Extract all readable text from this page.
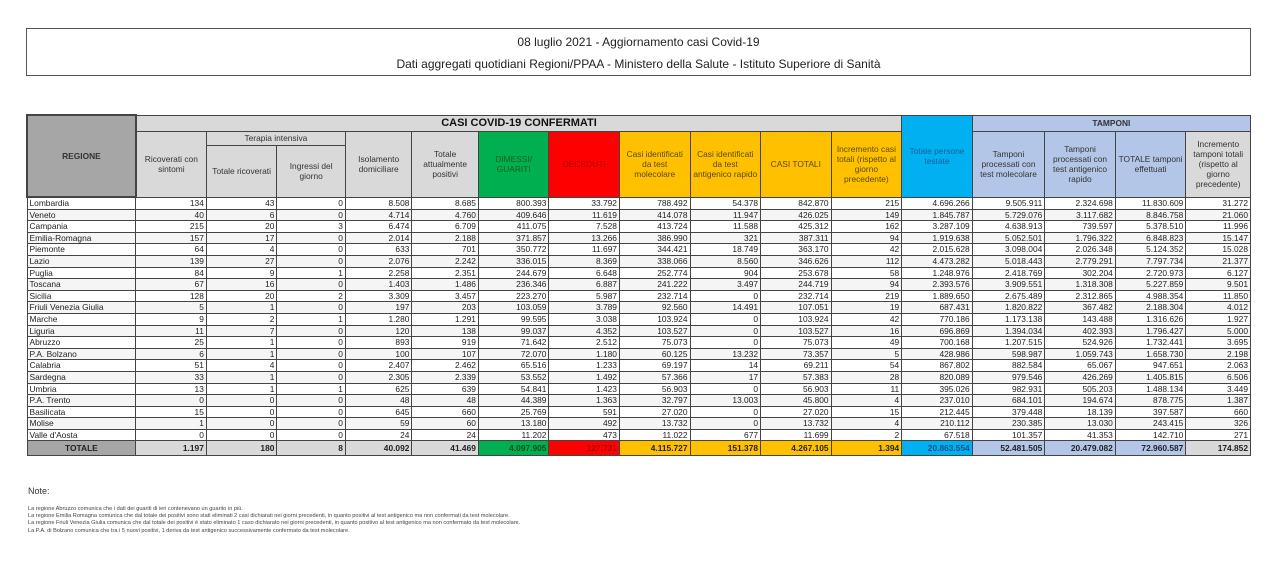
08 luglio 2021 - Aggiornamento casi Covid-19
Dati aggregati quotidiani Regioni/PPAA - Ministero della Salute - Istituto Superiore di Sanità
REGIONE	CASI COVID-19 CONFERMATI											Totale persone testate	TAMPONI			
	Ricoverati con sintomi	Terapia intensiva		Isolamento domiciliare	Totale attualmente positivi	DIMESSI/ GUARITI	DECEDUTI	Casi identificati da test molecolare	Casi identificati da test antigenico rapido	CASI TOTALI	Incremento casi totali (rispetto al giorno precedente)		Tamponi processati con test molecolare	Tamponi processati con test antigenico rapido	TOTALE tamponi effettuati	Incremento tamponi totali (rispetto al giorno precedente)
		Totale ricoverati	Ingressi del giorno													
Lombardia	134	43	0	8.508	8.685	800.393	33.792	788.492	54.378	842.870	215	4.696.266	9.505.911	2.324.698	11.830.609	31.272
Veneto	40	6	0	4.714	4.760	409.646	11.619	414.078	11.947	426.025	149	1.845.787	5.729.076	3.117.682	8.846.758	21.060
Campania	215	20	3	6.474	6.709	411.075	7.528	413.724	11.588	425.312	162	3.287.109	4.638.913	739.597	5.378.510	11.996
Emilia-Romagna	157	17	0	2.014	2.188	371.857	13.266	386.990	321	387.311	94	1.919.638	5.052.501	1.796.322	6.848.823	15.147
Piemonte	64	4	0	633	701	350.772	11.697	344.421	18.749	363.170	42	2.015.628	3.098.004	2.026.348	5.124.352	15.028
Lazio	139	27	0	2.076	2.242	336.015	8.369	338.066	8.560	346.626	112	4.473.282	5.018.443	2.779.291	7.797.734	21.377
Puglia	84	9	1	2.258	2.351	244.679	6.648	252.774	904	253.678	58	1.248.976	2.418.769	302.204	2.720.973	6.127
Toscana	67	16	0	1.403	1.486	236.346	6.887	241.222	3.497	244.719	94	2.393.576	3.909.551	1.318.308	5.227.859	9.501
Sicilia	128	20	2	3.309	3.457	223.270	5.987	232.714	0	232.714	219	1.889.650	2.675.489	2.312.865	4.988.354	11.850
Friuli Venezia Giulia	5	1	0	197	203	103.059	3.789	92.560	14.491	107.051	19	687.431	1.820.822	367.482	2.188.304	4.012
Marche	9	2	1	1.280	1.291	99.595	3.038	103.924	0	103.924	42	770.186	1.173.138	143.488	1.316.626	1.927
Liguria	11	7	0	120	138	99.037	4.352	103.527	0	103.527	16	696.869	1.394.034	402.393	1.796.427	5.000
Abruzzo	25	1	0	893	919	71.642	2.512	75.073	0	75.073	49	700.168	1.207.515	524.926	1.732.441	3.695
P.A. Bolzano	6	1	0	100	107	72.070	1.180	60.125	13.232	73.357	5	428.986	598.987	1.059.743	1.658.730	2.198
Calabria	51	4	0	2.407	2.462	65.516	1.233	69.197	14	69.211	54	867.802	882.584	65.067	947.651	2.063
Sardegna	33	1	0	2.305	2.339	53.552	1.492	57.366	17	57.383	28	820.089	979.546	426.269	1.405.815	6.506
Umbria	13	1	1	625	639	54.841	1.423	56.903	0	56.903	11	395.026	982.931	505.203	1.488.134	3.449
P.A. Trento	0	0	0	48	48	44.389	1.363	32.797	13.003	45.800	4	237.010	684.101	194.674	878.775	1.387
Basilicata	15	0	0	645	660	25.769	591	27.020	0	27.020	15	212.445	379.448	18.139	397.587	660
Molise	1	0	0	59	60	13.180	492	13.732	0	13.732	4	210.112	230.385	13.030	243.415	326
Valle d'Aosta	0	0	0	24	24	11.202	473	11.022	677	11.699	2	67.518	101.357	41.353	142.710	271
TOTALE	1.197	180	8	40.092	41.469	4.097.905	127.731	4.115.727	151.378	4.267.105	1.394	20.863.554	52.481.505	20.479.082	72.960.587	174.852
Note:
La regione Abruzzo comunica che i dati dei guariti di ieri contenevano un guarito in più.
La regione Emilia Romagna comunica che dal totale dei positivi sono stati eliminati 2 casi dichiarati nei giorni precedenti, in quanto positivi al test antigenico ma non confermati da test molecolare.
La regione Friuli Venezia Giulia comunica che dal totale dei positivi è stato eliminato 1 caso dichiarato nei giorni precedenti, in quanto positivo al test antigenico ma non confermato da test molecolare.
La P.A. di Bolzano comunica che tra i 5 nuovi positivi, 1 deriva da test antigenico successivamente confermato da test molecolare.
